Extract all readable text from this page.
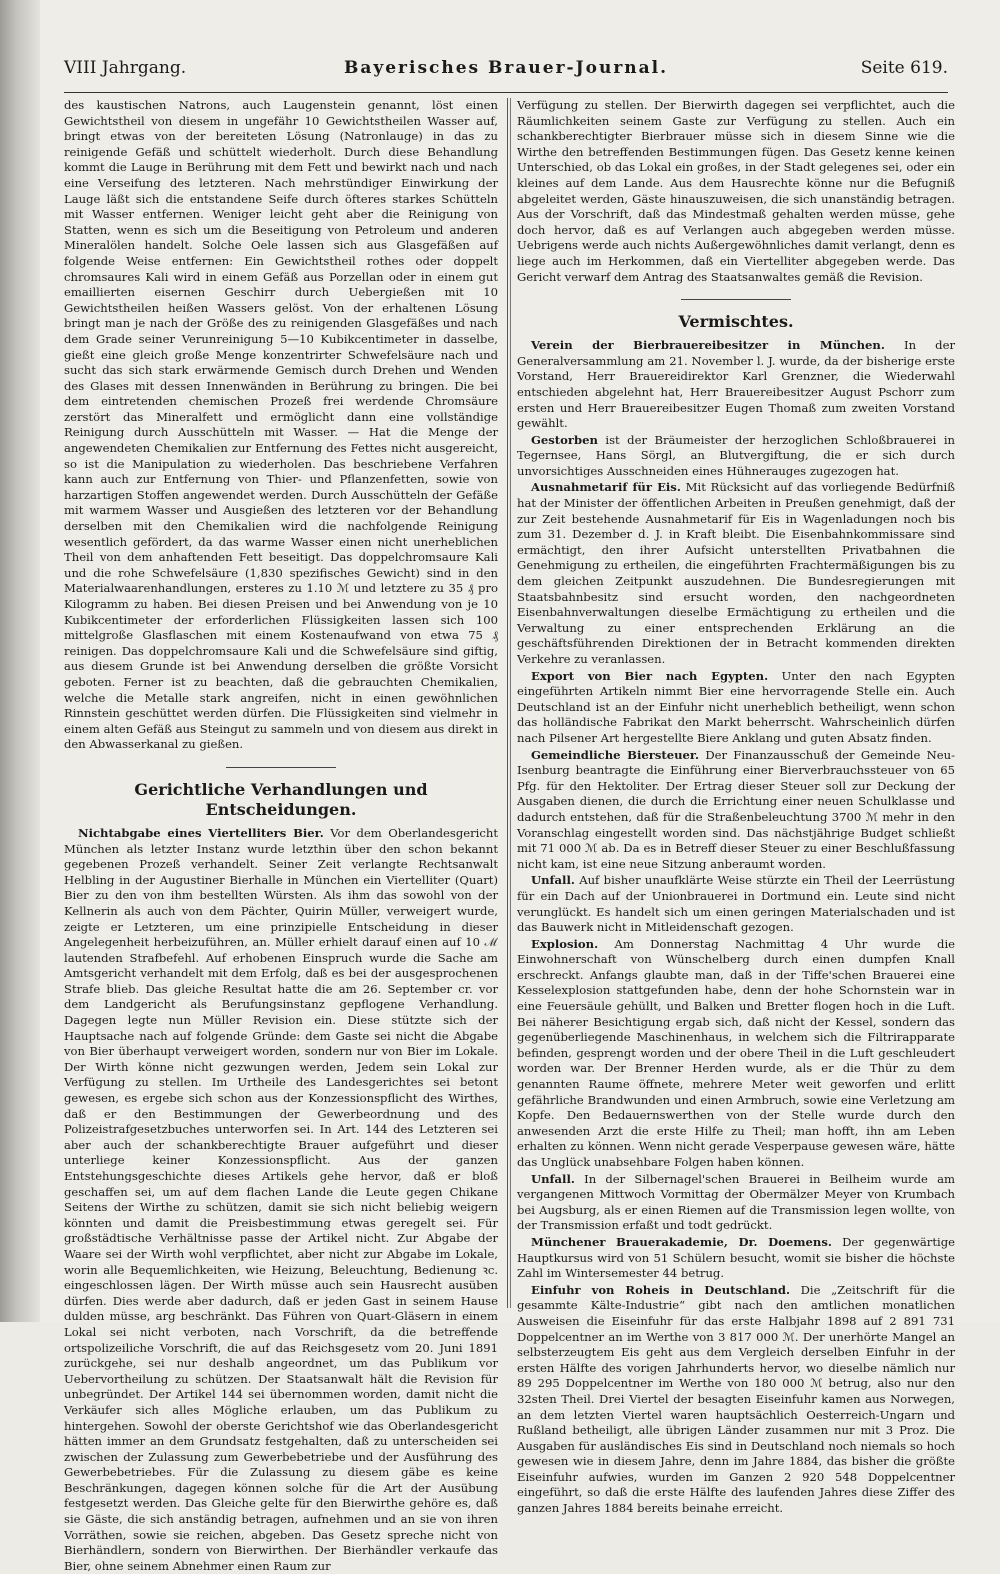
VIII Jahrgang.	Bayerisches Brauer-Journal.	Seite 619.

des kaustischen Natrons, auch Laugenstein genannt, löst einen Gewichtstheil von diesem in ungefähr 10 Gewichtstheilen Wasser auf, bringt etwas von der bereiteten Lösung (Natronlauge) in das zu reinigende Gefäß und schüttelt wiederholt. Durch diese Behandlung kommt die Lauge in Berührung mit dem Fett und bewirkt nach und nach eine Verseifung des letzteren. Nach mehrstündiger Einwirkung der Lauge läßt sich die entstandene Seife durch öfteres starkes Schütteln mit Wasser entfernen. Weniger leicht geht aber die Reinigung von Statten, wenn es sich um die Beseitigung von Petroleum und anderen Mineralölen handelt. Solche Oele lassen sich aus Glasgefäßen auf folgende Weise entfernen: Ein Gewichtstheil rothes oder doppelt chromsaures Kali wird in einem Gefäß aus Porzellan oder in einem gut emaillierten eisernen Geschirr durch Uebergießen mit 10 Gewichtstheilen heißen Wassers gelöst. Von der erhaltenen Lösung bringt man je nach der Größe des zu reinigenden Glasgefäßes und nach dem Grade seiner Verunreinigung 5—10 Kubikcentimeter in dasselbe, gießt eine gleich große Menge konzentrirter Schwefelsäure nach und sucht das sich stark erwärmende Gemisch durch Drehen und Wenden des Glases mit dessen Innenwänden in Berührung zu bringen. Die bei dem eintretenden chemischen Prozeß frei werdende Chromsäure zerstört das Mineralfett und ermöglicht dann eine vollständige Reinigung durch Ausschütteln mit Wasser. — Hat die Menge der angewendeten Chemikalien zur Entfernung des Fettes nicht ausgereicht, so ist die Manipulation zu wiederholen. Das beschriebene Verfahren kann auch zur Entfernung von Thier- und Pflanzenfetten, sowie von harzartigen Stoffen angewendet werden. Durch Ausschütteln der Gefäße mit warmem Wasser und Ausgießen des letzteren vor der Behandlung derselben mit den Chemikalien wird die nachfolgende Reinigung wesentlich gefördert, da das warme Wasser einen nicht unerheblichen Theil von dem anhaftenden Fett beseitigt. Das doppelchromsaure Kali und die rohe Schwefelsäure (1,830 spezifisches Gewicht) sind in den Materialwaarenhandlungen, ersteres zu 1.10 ℳ und letztere zu 35 ₰ pro Kilogramm zu haben. Bei diesen Preisen und bei Anwendung von je 10 Kubikcentimeter der erforderlichen Flüssigkeiten lassen sich 100 mittelgroße Glasflaschen mit einem Kostenaufwand von etwa 75 ₰ reinigen. Das doppelchromsaure Kali und die Schwefelsäure sind giftig, aus diesem Grunde ist bei Anwendung derselben die größte Vorsicht geboten. Ferner ist zu beachten, daß die gebrauchten Chemikalien, welche die Metalle stark angreifen, nicht in einen gewöhnlichen Rinnstein geschüttet werden dürfen. Die Flüssigkeiten sind vielmehr in einem alten Gefäß aus Steingut zu sammeln und von diesem aus direkt in den Abwasserkanal zu gießen.

Gerichtliche Verhandlungen und Entscheidungen.

Nichtabgabe eines Viertelliters Bier. Vor dem Oberlandesgericht München als letzter Instanz wurde letzthin über den schon bekannt gegebenen Prozeß verhandelt. Seiner Zeit verlangte Rechtsanwalt Helbling in der Augustiner Bierhalle in München ein Viertelliter (Quart) Bier zu den von ihm bestellten Würsten. Als ihm das sowohl von der Kellnerin als auch von dem Pächter, Quirin Müller, verweigert wurde, zeigte er Letzteren, um eine prinzipielle Entscheidung in dieser Angelegenheit herbeizuführen, an. Müller erhielt darauf einen auf 10 ℳ lautenden Strafbefehl. Auf erhobenen Einspruch wurde die Sache am Amtsgericht verhandelt mit dem Erfolg, daß es bei der ausgesprochenen Strafe blieb. Das gleiche Resultat hatte die am 26. September cr. vor dem Landgericht als Berufungsinstanz gepflogene Verhandlung. Dagegen legte nun Müller Revision ein. Diese stützte sich der Hauptsache nach auf folgende Gründe: dem Gaste sei nicht die Abgabe von Bier überhaupt verweigert worden, sondern nur von Bier im Lokale. Der Wirth könne nicht gezwungen werden, Jedem sein Lokal zur Verfügung zu stellen. Im Urtheile des Landesgerichtes sei betont gewesen, es ergebe sich schon aus der Konzessionspflicht des Wirthes, daß er den Bestimmungen der Gewerbeordnung und des Polizeistrafgesetzbuches unterworfen sei. In Art. 144 des Letzteren sei aber auch der schankberechtigte Brauer aufgeführt und dieser unterliege keiner Konzessionspflicht. Aus der ganzen Entstehungsgeschichte dieses Artikels gehe hervor, daß er bloß geschaffen sei, um auf dem flachen Lande die Leute gegen Chikane Seitens der Wirthe zu schützen, damit sie sich nicht beliebig weigern könnten und damit die Preisbestimmung etwas geregelt sei. Für großstädtische Verhältnisse passe der Artikel nicht. Zur Abgabe der Waare sei der Wirth wohl verpflichtet, aber nicht zur Abgabe im Lokale, worin alle Bequemlichkeiten, wie Heizung, Beleuchtung, Bedienung ꝛc. eingeschlossen lägen. Der Wirth müsse auch sein Hausrecht ausüben dürfen. Dies werde aber dadurch, daß er jeden Gast in seinem Hause dulden müsse, arg beschränkt. Das Führen von Quart-Gläsern in einem Lokal sei nicht verboten, nach Vorschrift, da die betreffende ortspolizeiliche Vorschrift, die auf das Reichsgesetz vom 20. Juni 1891 zurückgehe, sei nur deshalb angeordnet, um das Publikum vor Uebervortheilung zu schützen. Der Staatsanwalt hält die Revision für unbegründet. Der Artikel 144 sei übernommen worden, damit nicht die Verkäufer sich alles Mögliche erlauben, um das Publikum zu hintergehen. Sowohl der oberste Gerichtshof wie das Oberlandesgericht hätten immer an dem Grundsatz festgehalten, daß zu unterscheiden sei zwischen der Zulassung zum Gewerbebetriebe und der Ausführung des Gewerbebetriebes. Für die Zulassung zu diesem gäbe es keine Beschränkungen, dagegen können solche für die Art der Ausübung festgesetzt werden. Das Gleiche gelte für den Bierwirthe gehöre es, daß sie Gäste, die sich anständig betragen, aufnehmen und an sie von ihren Vorräthen, sowie sie reichen, abgeben. Das Gesetz spreche nicht von Bierhändlern, sondern von Bierwirthen. Der Bierhändler verkaufe das Bier, ohne seinem Abnehmer einen Raum zur

Verfügung zu stellen. Der Bierwirth dagegen sei verpflichtet, auch die Räumlichkeiten seinem Gaste zur Verfügung zu stellen. Auch ein schankberechtigter Bierbrauer müsse sich in diesem Sinne wie die Wirthe den betreffenden Bestimmungen fügen. Das Gesetz kenne keinen Unterschied, ob das Lokal ein großes, in der Stadt gelegenes sei, oder ein kleines auf dem Lande. Aus dem Hausrechte könne nur die Befugniß abgeleitet werden, Gäste hinauszuweisen, die sich unanständig betragen. Aus der Vorschrift, daß das Mindestmaß gehalten werden müsse, gehe doch hervor, daß es auf Verlangen auch abgegeben werden müsse. Uebrigens werde auch nichts Außergewöhnliches damit verlangt, denn es liege auch im Herkommen, daß ein Viertelliter abgegeben werde. Das Gericht verwarf dem Antrag des Staatsanwaltes gemäß die Revision.

Vermischtes.

Verein der Bierbrauereibesitzer in München. In der Generalversammlung am 21. November l. J. wurde, da der bisherige erste Vorstand, Herr Brauereidirektor Karl Grenzner, die Wiederwahl entschieden abgelehnt hat, Herr Brauereibesitzer August Pschorr zum ersten und Herr Brauereibesitzer Eugen Thomaß zum zweiten Vorstand gewählt.

Gestorben ist der Bräumeister der herzoglichen Schloßbrauerei in Tegernsee, Hans Sörgl, an Blutvergiftung, die er sich durch unvorsichtiges Ausschneiden eines Hühnerauges zugezogen hat.

Ausnahmetarif für Eis. Mit Rücksicht auf das vorliegende Bedürfniß hat der Minister der öffentlichen Arbeiten in Preußen genehmigt, daß der zur Zeit bestehende Ausnahmetarif für Eis in Wagenladungen noch bis zum 31. Dezember d. J. in Kraft bleibt. Die Eisenbahnkommissare sind ermächtigt, den ihrer Aufsicht unterstellten Privatbahnen die Genehmigung zu ertheilen, die eingeführten Frachtermäßigungen bis zu dem gleichen Zeitpunkt auszudehnen. Die Bundesregierungen mit Staatsbahnbesitz sind ersucht worden, den nachgeordneten Eisenbahnverwaltungen dieselbe Ermächtigung zu ertheilen und die Verwaltung zu einer entsprechenden Erklärung an die geschäftsführenden Direktionen der in Betracht kommenden direkten Verkehre zu veranlassen.

Export von Bier nach Egypten. Unter den nach Egypten eingeführten Artikeln nimmt Bier eine hervorragende Stelle ein. Auch Deutschland ist an der Einfuhr nicht unerheblich betheiligt, wenn schon das holländische Fabrikat den Markt beherrscht. Wahrscheinlich dürfen nach Pilsener Art hergestellte Biere Anklang und guten Absatz finden.

Gemeindliche Biersteuer. Der Finanzausschuß der Gemeinde Neu-Isenburg beantragte die Einführung einer Bierverbrauchssteuer von 65 Pfg. für den Hektoliter. Der Ertrag dieser Steuer soll zur Deckung der Ausgaben dienen, die durch die Errichtung einer neuen Schulklasse und dadurch entstehen, daß für die Straßenbeleuchtung 3700 ℳ mehr in den Voranschlag eingestellt worden sind. Das nächstjährige Budget schließt mit 71 000 ℳ ab. Da es in Betreff dieser Steuer zu einer Beschlußfassung nicht kam, ist eine neue Sitzung anberaumt worden.

Unfall. Auf bisher unaufklärte Weise stürzte ein Theil der Leerrüstung für ein Dach auf der Unionbrauerei in Dortmund ein. Leute sind nicht verunglückt. Es handelt sich um einen geringen Materialschaden und ist das Bauwerk nicht in Mitleidenschaft gezogen.

Explosion. Am Donnerstag Nachmittag 4 Uhr wurde die Einwohnerschaft von Wünschelberg durch einen dumpfen Knall erschreckt. Anfangs glaubte man, daß in der Tiffe'schen Brauerei eine Kesselexplosion stattgefunden habe, denn der hohe Schornstein war in eine Feuersäule gehüllt, und Balken und Bretter flogen hoch in die Luft. Bei näherer Besichtigung ergab sich, daß nicht der Kessel, sondern das gegenüberliegende Maschinenhaus, in welchem sich die Filtrirapparate befinden, gesprengt worden und der obere Theil in die Luft geschleudert worden war. Der Brenner Herden wurde, als er die Thür zu dem genannten Raume öffnete, mehrere Meter weit geworfen und erlitt gefährliche Brandwunden und einen Armbruch, sowie eine Verletzung am Kopfe. Den Bedauernswerthen von der Stelle wurde durch den anwesenden Arzt die erste Hilfe zu Theil; man hofft, ihn am Leben erhalten zu können. Wenn nicht gerade Vesperpause gewesen wäre, hätte das Unglück unabsehbare Folgen haben können.

Unfall. In der Silbernagel'schen Brauerei in Beilheim wurde am vergangenen Mittwoch Vormittag der Obermälzer Meyer von Krumbach bei Augsburg, als er einen Riemen auf die Transmission legen wollte, von der Transmission erfaßt und todt gedrückt.

Münchener Brauerakademie, Dr. Doemens. Der gegenwärtige Hauptkursus wird von 51 Schülern besucht, womit sie bisher die höchste Zahl im Wintersemester 44 betrug.

Einfuhr von Roheis in Deutschland. Die „Zeitschrift für die gesammte Kälte-Industrie“ gibt nach den amtlichen monatlichen Ausweisen die Eiseinfuhr für das erste Halbjahr 1898 auf 2 891 731 Doppelcentner an im Werthe von 3 817 000 ℳ. Der unerhörte Mangel an selbsterzeugtem Eis geht aus dem Vergleich derselben Einfuhr in der ersten Hälfte des vorigen Jahrhunderts hervor, wo dieselbe nämlich nur 89 295 Doppelcentner im Werthe von 180 000 ℳ betrug, also nur den 32sten Theil. Drei Viertel der besagten Eiseinfuhr kamen aus Norwegen, an dem letzten Viertel waren hauptsächlich Oesterreich-Ungarn und Rußland betheiligt, alle übrigen Länder zusammen nur mit 3 Proz. Die Ausgaben für ausländisches Eis sind in Deutschland noch niemals so hoch gewesen wie in diesem Jahre, denn im Jahre 1884, das bisher die größte Eiseinfuhr aufwies, wurden im Ganzen 2 920 548 Doppelcentner eingeführt, so daß die erste Hälfte des laufenden Jahres diese Ziffer des ganzen Jahres 1884 bereits beinahe erreicht.
